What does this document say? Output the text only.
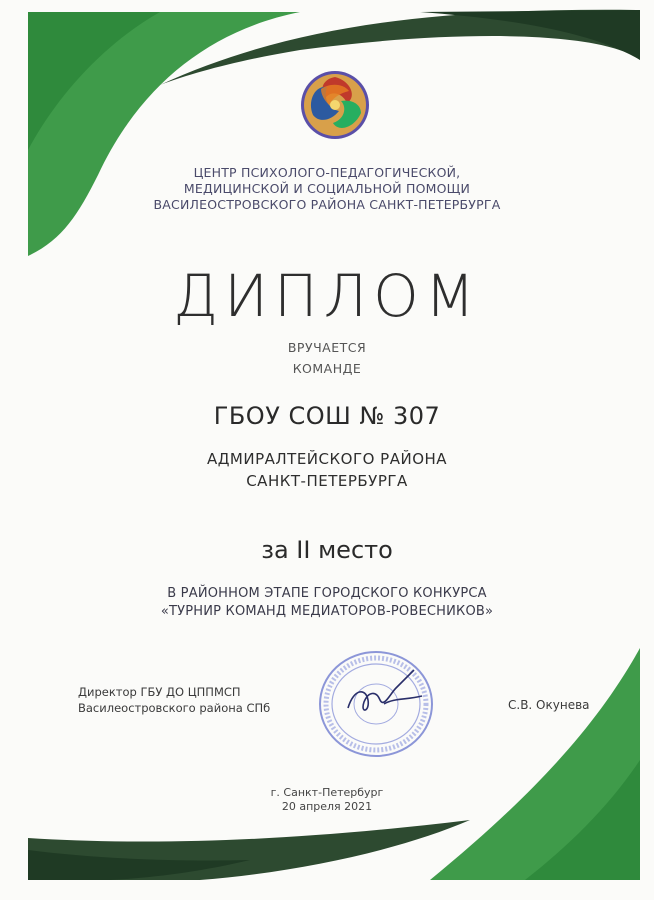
ЦЕНТР ПСИХОЛОГО-ПЕДАГОГИЧЕСКОЙ,
МЕДИЦИНСКОЙ И СОЦИАЛЬНОЙ ПОМОЩИ
ВАСИЛЕОСТРОВСКОГО РАЙОНА САНКТ-ПЕТЕРБУРГА
ДИПЛОМ
ВРУЧАЕТСЯ
КОМАНДЕ
ГБОУ СОШ № 307
АДМИРАЛТЕЙСКОГО РАЙОНА
САНКТ-ПЕТЕРБУРГА
за II место
В РАЙОННОМ ЭТАПЕ ГОРОДСКОГО КОНКУРСА
«ТУРНИР КОМАНД МЕДИАТОРОВ-РОВЕСНИКОВ»
Директор ГБУ ДО ЦППМСП
Василеостровского района СПб	С.В. Окунева
г. Санкт-Петербург
20 апреля 2021
